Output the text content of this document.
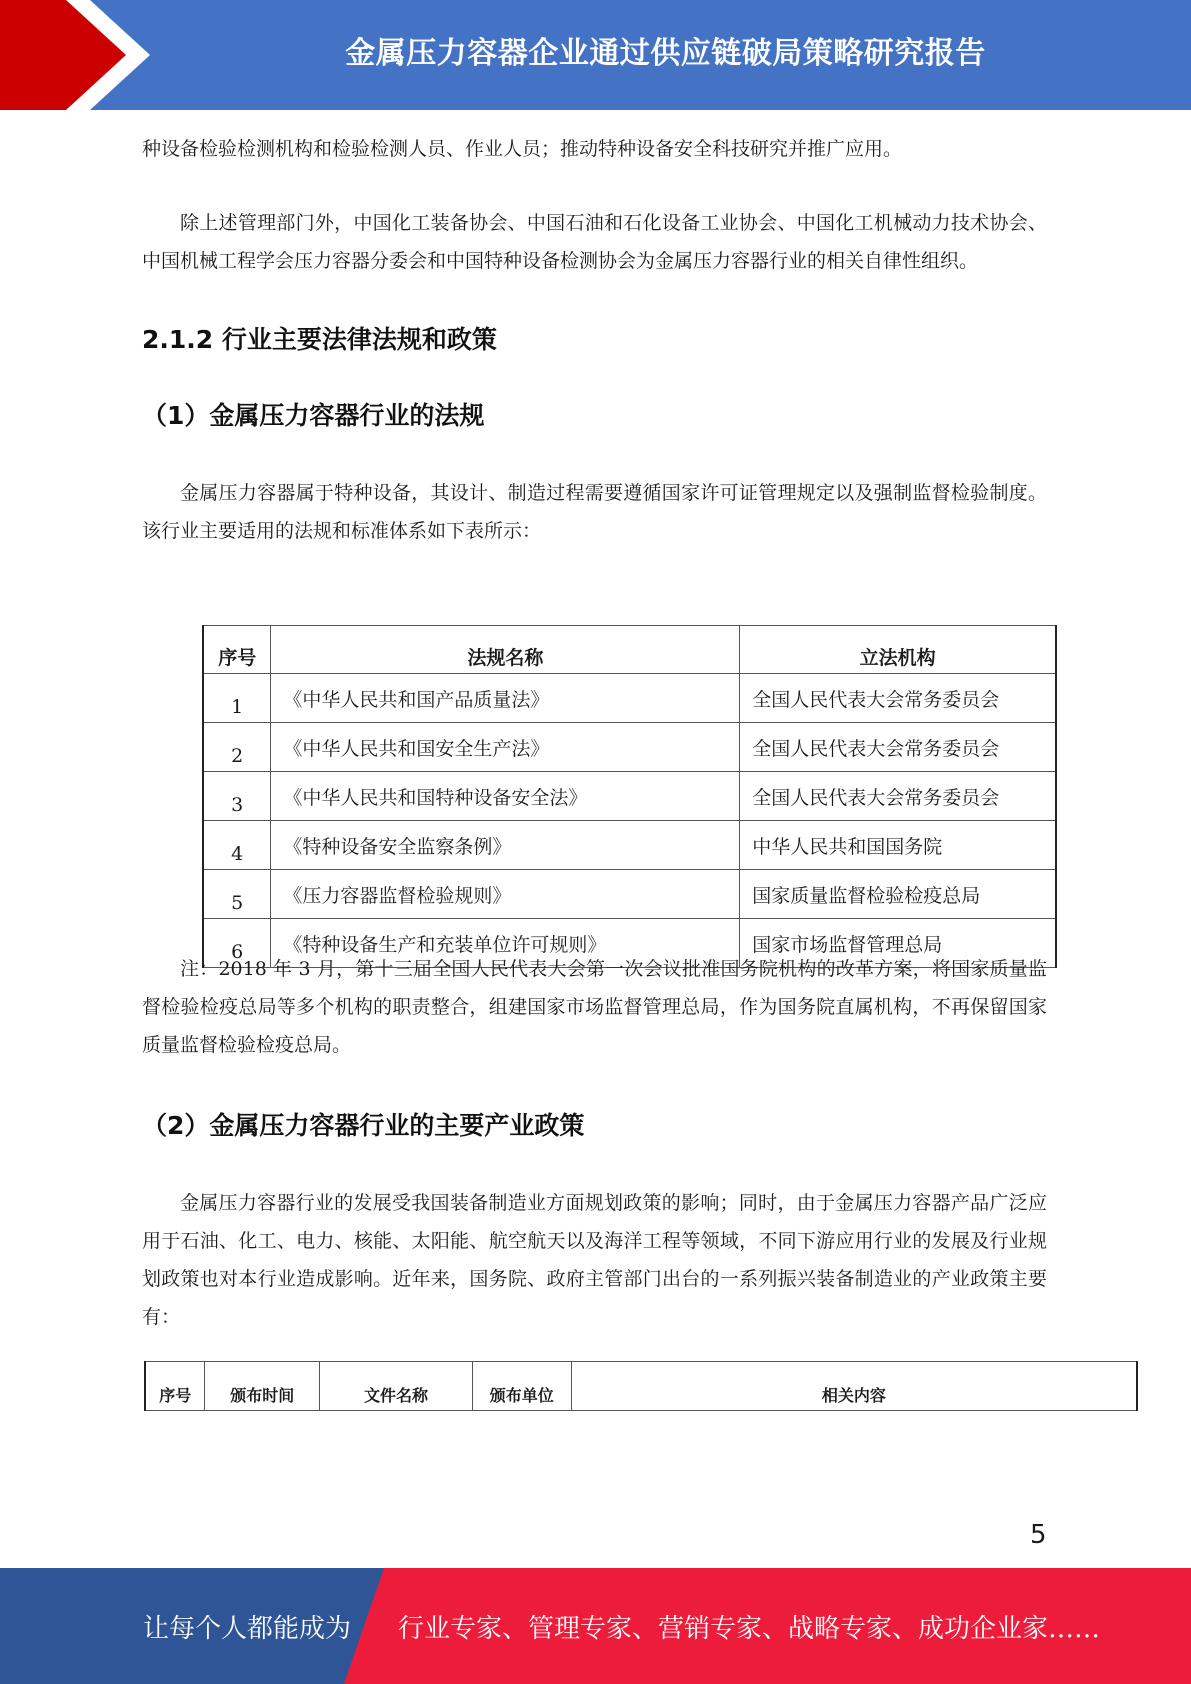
金属压力容器企业通过供应链破局策略研究报告

种设备检验检测机构和检验检测人员、作业人员；推动特种设备安全科技研究并推广应用。

除上述管理部门外，中国化工装备协会、中国石油和石化设备工业协会、中国化工机械动力技术协会、中国机械工程学会压力容器分委会和中国特种设备检测协会为金属压力容器行业的相关自律性组织。

2.1.2 行业主要法律法规和政策
（1）金属压力容器行业的法规

金属压力容器属于特种设备，其设计、制造过程需要遵循国家许可证管理规定以及强制监督检验制度。该行业主要适用的法规和标准体系如下表所示：

序号	法规名称	立法机构
1	《中华人民共和国产品质量法》	全国人民代表大会常务委员会
2	《中华人民共和国安全生产法》	全国人民代表大会常务委员会
3	《中华人民共和国特种设备安全法》	全国人民代表大会常务委员会
4	《特种设备安全监察条例》	中华人民共和国国务院
5	《压力容器监督检验规则》	国家质量监督检验检疫总局
6	《特种设备生产和充装单位许可规则》	国家市场监督管理总局

注：2018 年 3 月，第十三届全国人民代表大会第一次会议批准国务院机构的改革方案，将国家质量监督检验检疫总局等多个机构的职责整合，组建国家市场监督管理总局，作为国务院直属机构，不再保留国家质量监督检验检疫总局。

（2）金属压力容器行业的主要产业政策

金属压力容器行业的发展受我国装备制造业方面规划政策的影响；同时，由于金属压力容器产品广泛应用于石油、化工、电力、核能、太阳能、航空航天以及海洋工程等领域，不同下游应用行业的发展及行业规划政策也对本行业造成影响。近年来，国务院、政府主管部门出台的一系列振兴装备制造业的产业政策主要有：

序号	颁布时间	文件名称	颁布单位	相关内容
5
让每个人都能成为 行业专家、管理专家、营销专家、战略专家、成功企业家……
